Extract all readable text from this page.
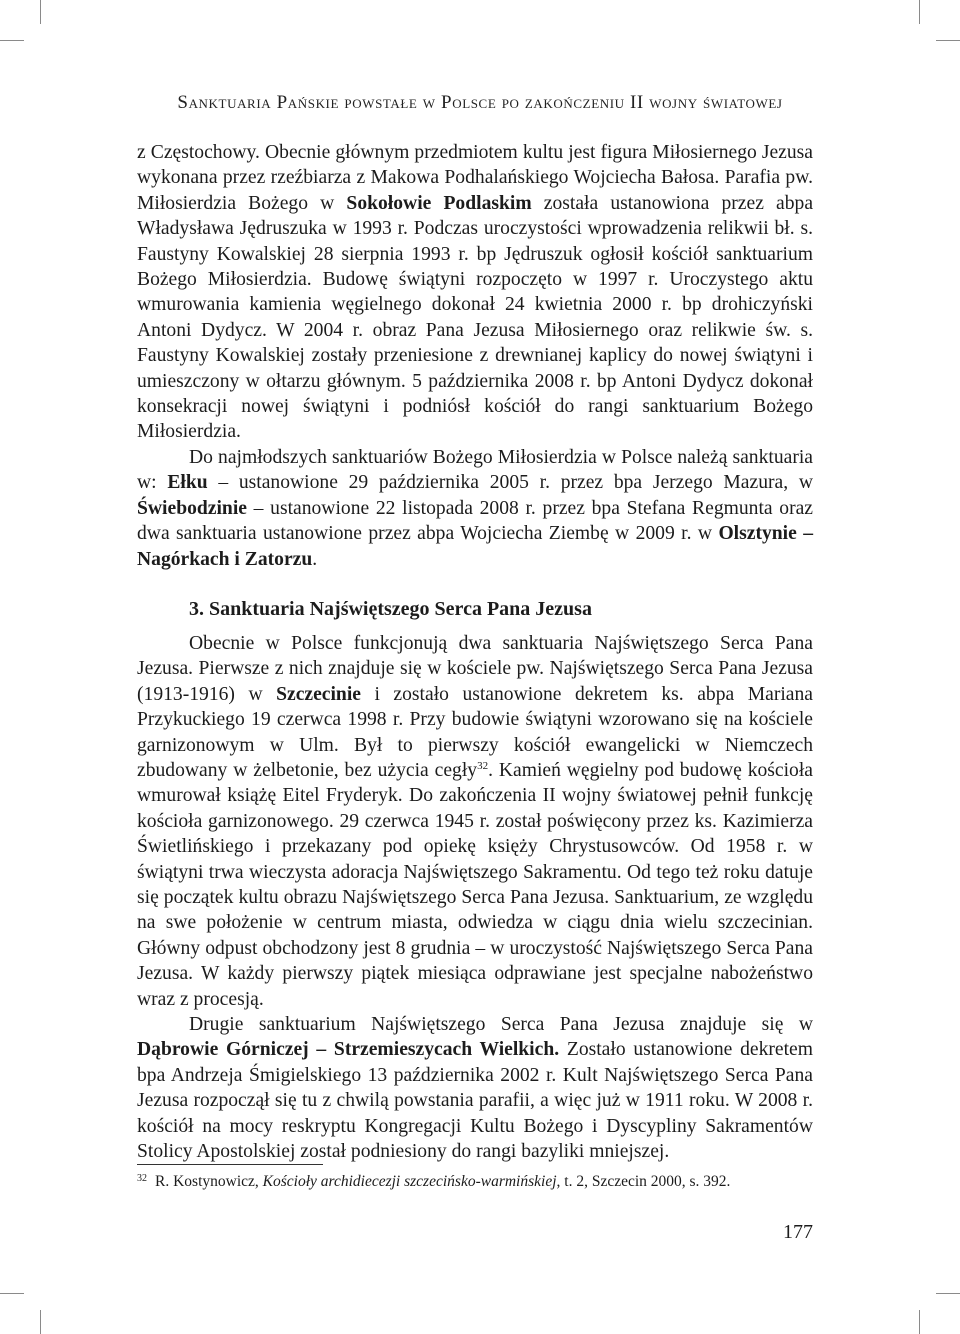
Sanktuaria Pańskie powstałe w Polsce po zakończeniu II wojny światowej

z Częstochowy. Obecnie głównym przedmiotem kultu jest figura Miłosiernego Jezusa wykonana przez rzeźbiarza z Makowa Podhalańskiego Wojciecha Bałosa. Parafia pw. Miłosierdzia Bożego w Sokołowie Podlaskim została ustanowiona przez abpa Władysława Jędruszuka w 1993 r. Podczas uroczystości wprowadzenia relikwii bł. s. Faustyny Kowalskiej 28 sierpnia 1993 r. bp Jędruszuk ogłosił kościół sanktuarium Bożego Miłosierdzia. Budowę świątyni rozpoczęto w 1997 r. Uroczystego aktu wmurowania kamienia węgielnego dokonał 24 kwietnia 2000 r. bp drohiczyński Antoni Dydycz. W 2004 r. obraz Pana Jezusa Miłosiernego oraz relikwie św. s. Faustyny Kowalskiej zostały przeniesione z drewnianej kaplicy do nowej świątyni i umieszczony w ołtarzu głównym. 5 października 2008 r. bp Antoni Dydycz dokonał konsekracji nowej świątyni i podniósł kościół do rangi sanktuarium Bożego Miłosierdzia.

Do najmłodszych sanktuariów Bożego Miłosierdzia w Polsce należą sanktuaria w: Ełku – ustanowione 29 października 2005 r. przez bpa Jerzego Mazura, w Świebodzinie – ustanowione 22 listopada 2008 r. przez bpa Stefana Regmunta oraz dwa sanktuaria ustanowione przez abpa Wojciecha Ziembę w 2009 r. w Olsztynie – Nagórkach i Zatorzu.

3. Sanktuaria Najświętszego Serca Pana Jezusa

Obecnie w Polsce funkcjonują dwa sanktuaria Najświętszego Serca Pana Jezusa. Pierwsze z nich znajduje się w kościele pw. Najświętszego Serca Pana Jezusa (1913-1916) w Szczecinie i zostało ustanowione dekretem ks. abpa Mariana Przykuckiego 19 czerwca 1998 r. Przy budowie świątyni wzorowano się na kościele garnizonowym w Ulm. Był to pierwszy kościół ewangelicki w Niemczech zbudowany w żelbetonie, bez użycia cegły$^{32}$. Kamień węgielny pod budowę kościoła wmurował książę Eitel Fryderyk. Do zakończenia II wojny światowej pełnił funkcję kościoła garnizonowego. 29 czerwca 1945 r. został poświęcony przez ks. Kazimierza Świetlińskiego i przekazany pod opiekę księży Chrystusowców. Od 1958 r. w świątyni trwa wieczysta adoracja Najświętszego Sakramentu. Od tego też roku datuje się początek kultu obrazu Najświętszego Serca Pana Jezusa. Sanktuarium, ze względu na swe położenie w centrum miasta, odwiedza w ciągu dnia wielu szczecinian. Główny odpust obchodzony jest 8 grudnia – w uroczystość Najświętszego Serca Pana Jezusa. W każdy pierwszy piątek miesiąca odprawiane jest specjalne nabożeństwo wraz z procesją.

Drugie sanktuarium Najświętszego Serca Pana Jezusa znajduje się w Dąbrowie Górniczej – Strzemieszycach Wielkich. Zostało ustanowione dekretem bpa Andrzeja Śmigielskiego 13 października 2002 r. Kult Najświętszego Serca Pana Jezusa rozpoczął się tu z chwilą powstania parafii, a więc już w 1911 roku. W 2008 r. kościół na mocy reskryptu Kongregacji Kultu Bożego i Dyscypliny Sakramentów Stolicy Apostolskiej został podniesiony do rangi bazyliki mniejszej.

$^{32}$ R. Kostynowicz, Kościoły archidiecezji szczecińsko-warmińskiej, t. 2, Szczecin 2000, s. 392.
177
